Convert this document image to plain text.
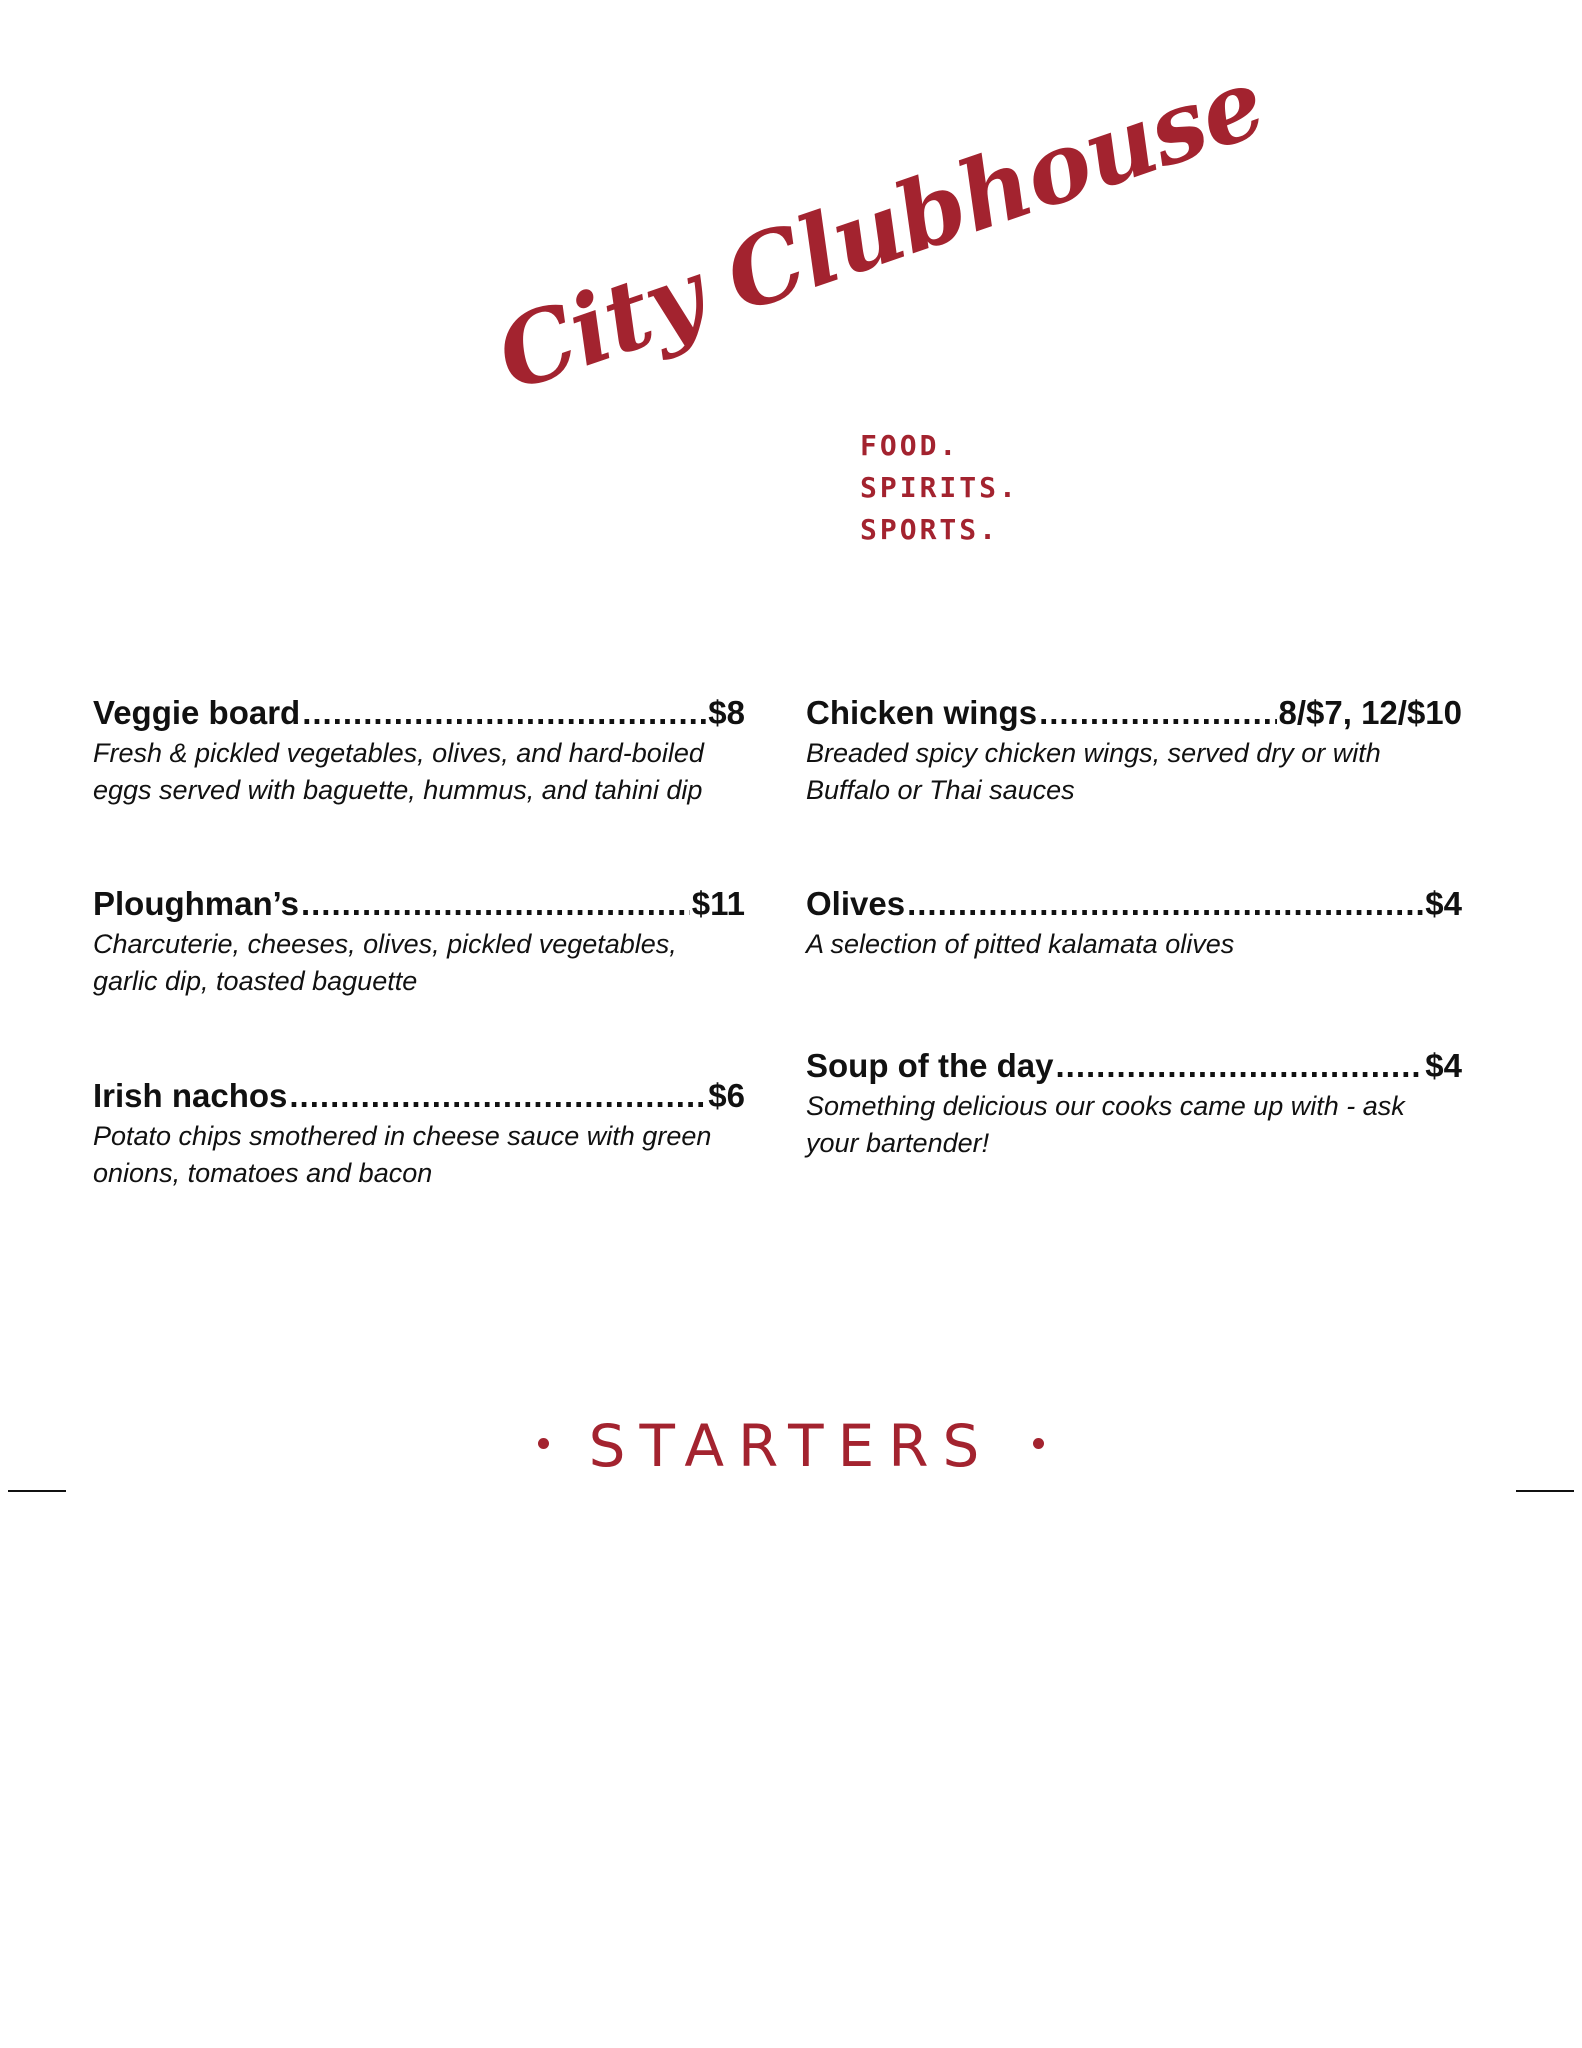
City Clubhouse
FOOD.
SPIRITS.
SPORTS.
Veggie board .....	$8
Fresh & pickled vegetables, olives, and hard-boiled eggs served with baguette, hummus, and tahini dip
Ploughman’s .....	$11
Charcuterie, cheeses, olives, pickled vegetables, garlic dip, toasted baguette
Irish nachos .....	$6
Potato chips smothered in cheese sauce with green onions, tomatoes and bacon
Chicken wings .....	8/$7, 12/$10
Breaded spicy chicken wings, served dry or with Buffalo or Thai sauces
Olives .....	$4
A selection of pitted kalamata olives
Soup of the day .....	$4
Something delicious our cooks came up with - ask your bartender!
STARTERS
